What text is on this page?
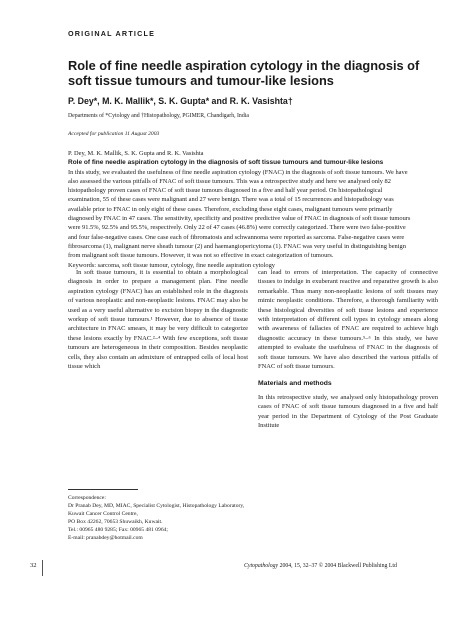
ORIGINAL ARTICLE
Role of fine needle aspiration cytology in the diagnosis of soft tissue tumours and tumour-like lesions
P. Dey*, M. K. Mallik*, S. K. Gupta* and R. K. Vasishta†
Departments of *Cytology and †Histopathology, PGIMER, Chandigarh, India
Accepted for publication 11 August 2003

P. Dey, M. K. Mallik, S. K. Gupta and R. K. Vasishta

Role of fine needle aspiration cytology in the diagnosis of soft tissue tumours and tumour-like lesions

In this study, we evaluated the usefulness of fine needle aspiration cytology (FNAC) in the diagnosis of soft tissue tumours. We have also assessed the various pitfalls of FNAC of soft tissue tumours. This was a retrospective study and here we analysed only 82 histopathology proven cases of FNAC of soft tissue tumours diagnosed in a five and half year period. On histopathological examination, 55 of these cases were malignant and 27 were benign. There was a total of 15 recurrences and histopathology was available prior to FNAC in only eight of these cases. Therefore, excluding these eight cases, malignant tumours were primarily diagnosed by FNAC in 47 cases. The sensitivity, specificity and positive predictive value of FNAC in diagnosis of soft tissue tumours were 91.5%, 92.5% and 95.5%, respectively. Only 22 of 47 cases (46.8%) were correctly categorized. There were two false-positive and four false-negative cases. One case each of fibromatosis and schwannoma were reported as sarcoma. False-negative cases were fibrosarcoma (1), malignant nerve sheath tumour (2) and haemangiopericytoma (1). FNAC was very useful in distinguishing benign from malignant soft tissue tumours. However, it was not so effective in exact categorization of tumours.

Keywords: sarcoma, soft tissue tumour, cytology, fine needle aspiration cytology

In soft tissue tumours, it is essential to obtain a morphological diagnosis in order to prepare a management plan. Fine needle aspiration cytology (FNAC) has an established role in the diagnosis of various neoplastic and non-neoplastic lesions. FNAC may also be used as a very useful alternative to excision biopsy in the diagnostic workup of soft tissue tumours.¹ However, due to absence of tissue architecture in FNAC smears, it may be very difficult to categorize these lesions exactly by FNAC.²–⁴ With few exceptions, soft tissue tumours are heterogeneous in their composition. Besides neoplastic cells, they also contain an admixture of entrapped cells of local host tissue which

Correspondence:
Dr Pranab Dey, MD, MIAC, Specialist Cytologist, Histopathology Laboratory, Kuwait Cancer Control Centre,
PO Box 42262, 70653 Shuwaikh, Kuwait.
Tel.: 00965 480 9285; Fax: 00965 481 0964;
E-mail: pranabdey@hotmail.com

can lead to errors of interpretation. The capacity of connective tissues to indulge in exuberant reactive and reparative growth is also remarkable. Thus many non-neoplastic lesions of soft tissues may mimic neoplastic conditions. Therefore, a thorough familiarity with these histological diversities of soft tissue lesions and experience with interpretation of different cell types in cytology smears along with awareness of fallacies of FNAC are required to achieve high diagnostic accuracy in these tumours.⁵–⁶ In this study, we have attempted to evaluate the usefulness of FNAC in the diagnosis of soft tissue tumours. We have also described the various pitfalls of FNAC of soft tissue tumours.

Materials and methods

In this retrospective study, we analysed only histopathology proven cases of FNAC of soft tissue tumours diagnosed in a five and half year period in the Department of Cytology of the Post Graduate Institute

32	Cytopathology 2004, 15, 32–37 © 2004 Blackwell Publishing Ltd
